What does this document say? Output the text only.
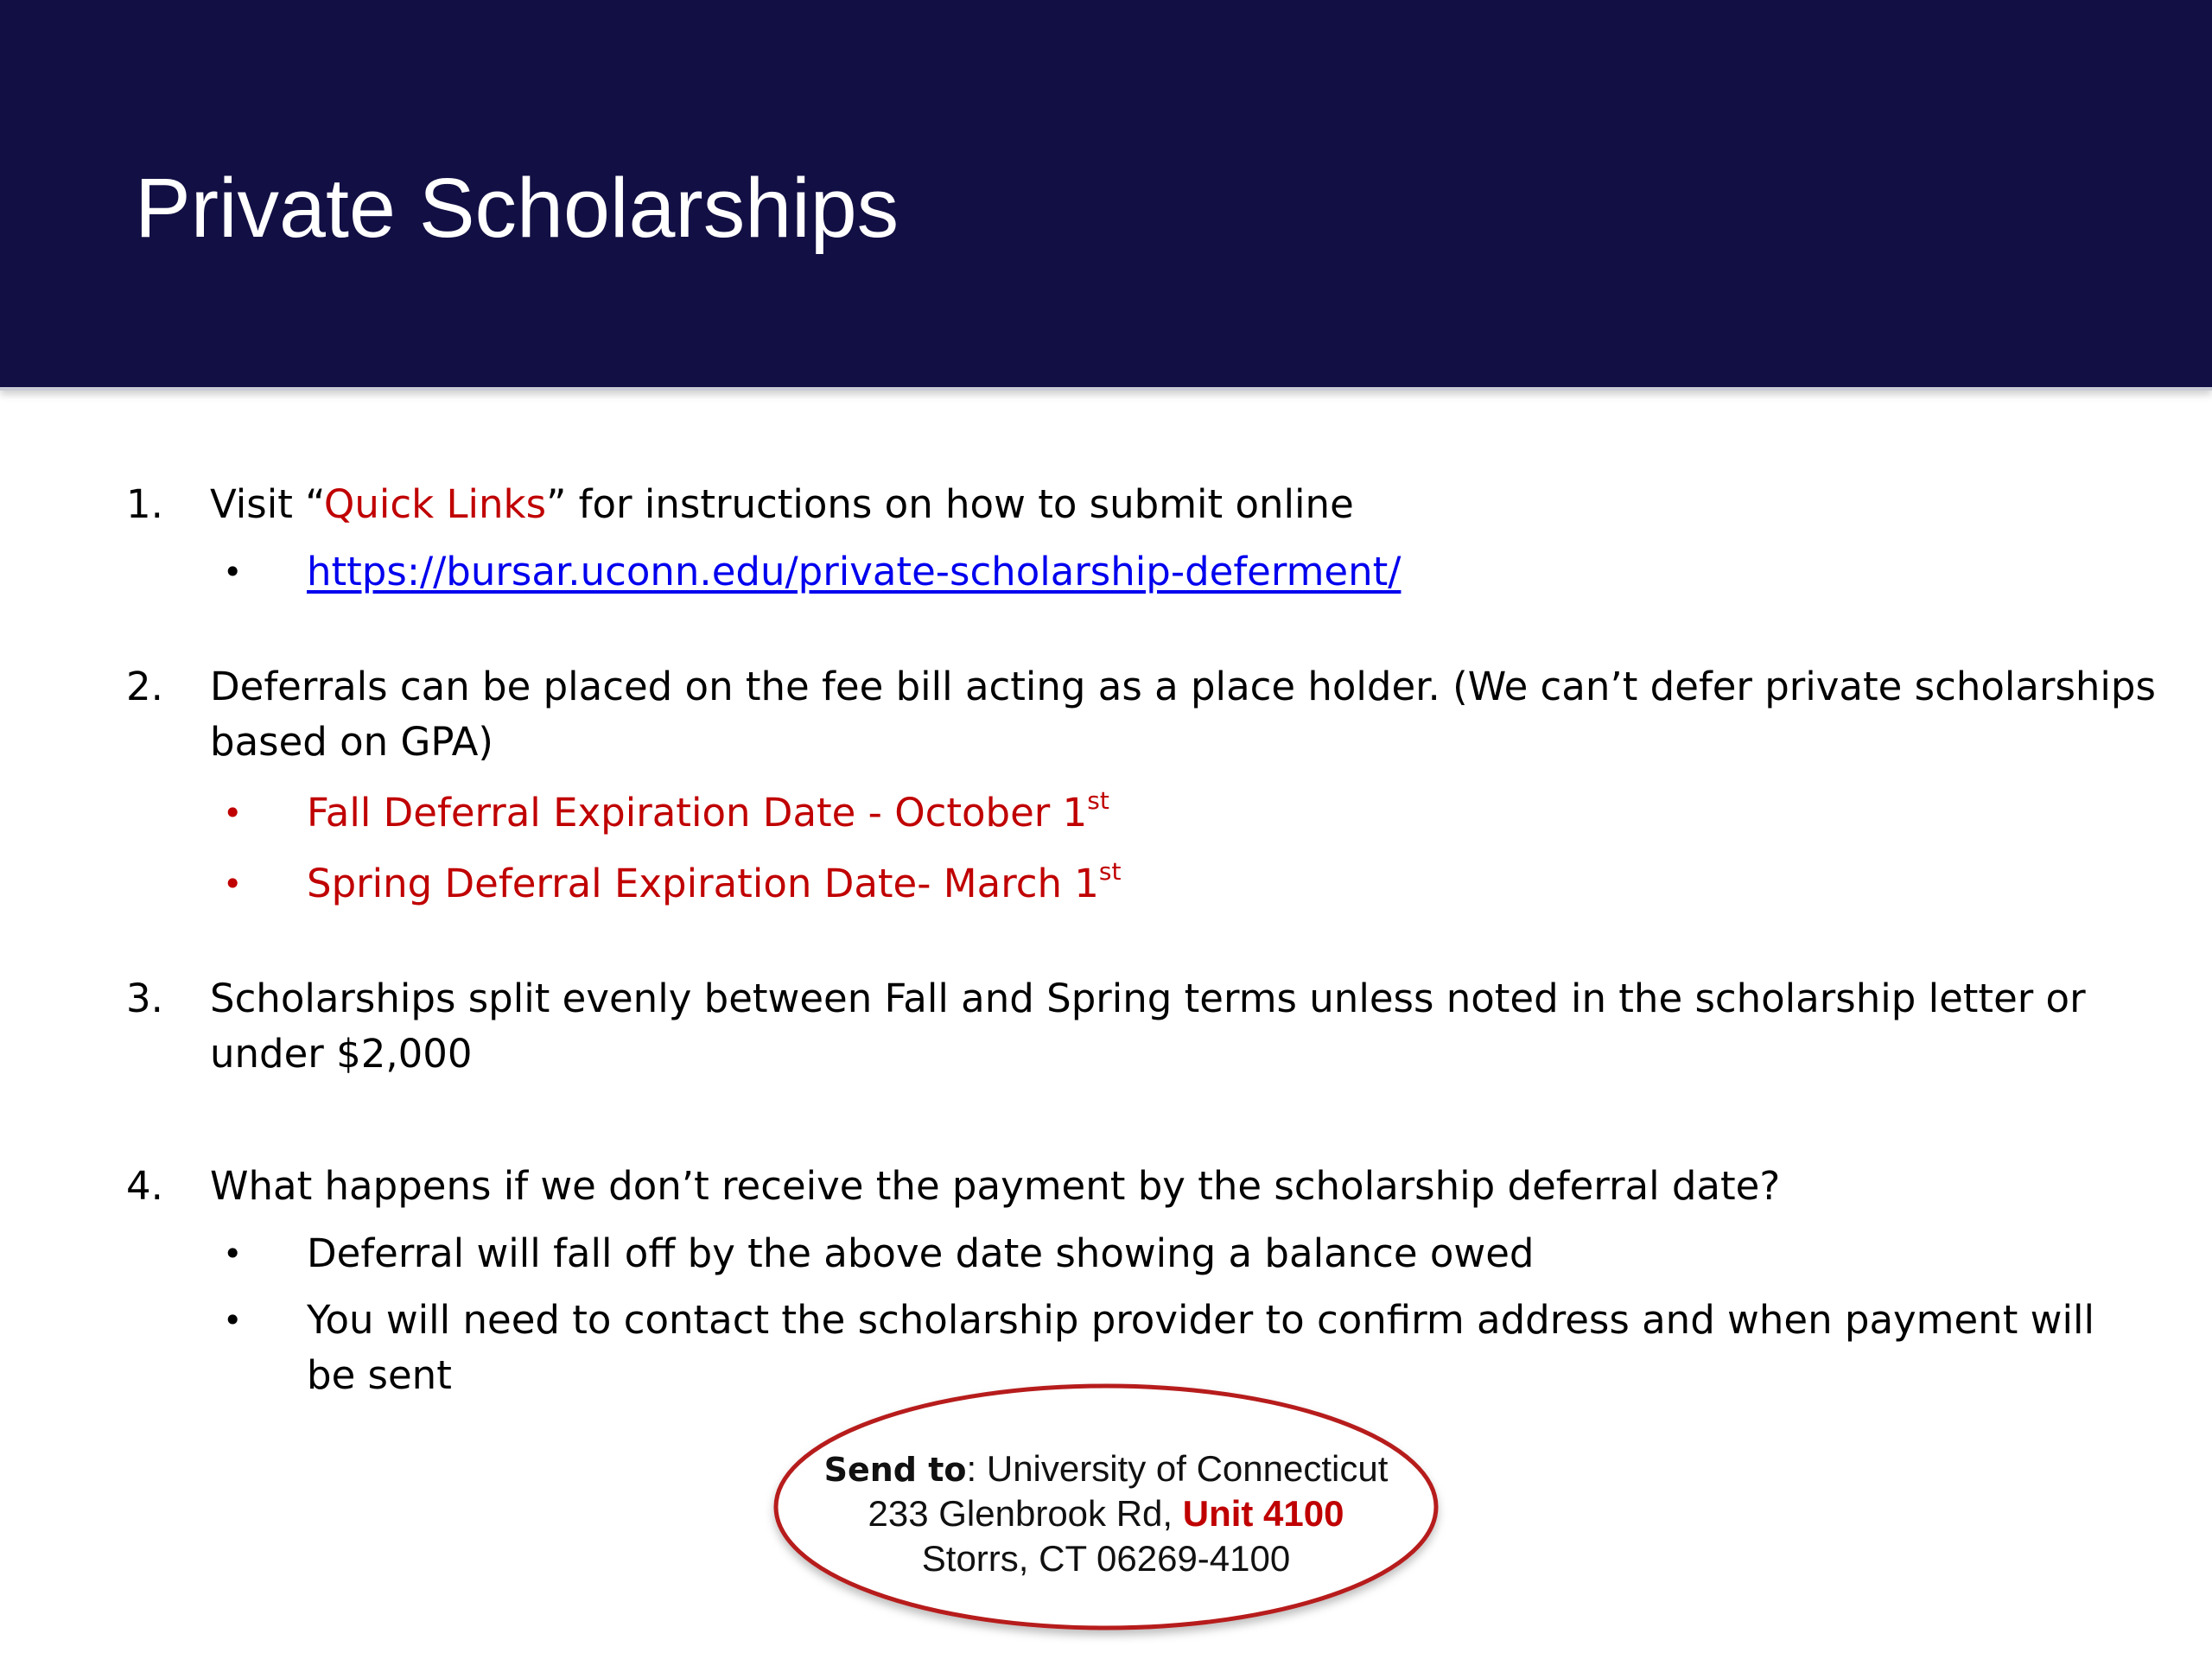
Private Scholarships
1. Visit “Quick Links” for instructions on how to submit online
• https://bursar.uconn.edu/private-scholarship-deferment/
2. Deferrals can be placed on the fee bill acting as a place holder. (We can’t defer private scholarships
based on GPA)
• Fall Deferral Expiration Date - October 1st
• Spring Deferral Expiration Date- March 1st
3. Scholarships split evenly between Fall and Spring terms unless noted in the scholarship letter or
under $2,000
4. What happens if we don’t receive the payment by the scholarship deferral date?
• Deferral will fall off by the above date showing a balance owed
• You will need to contact the scholarship provider to confirm address and when payment will
be sent
Send to: University of Connecticut
233 Glenbrook Rd, Unit 4100
Storrs, CT 06269-4100
